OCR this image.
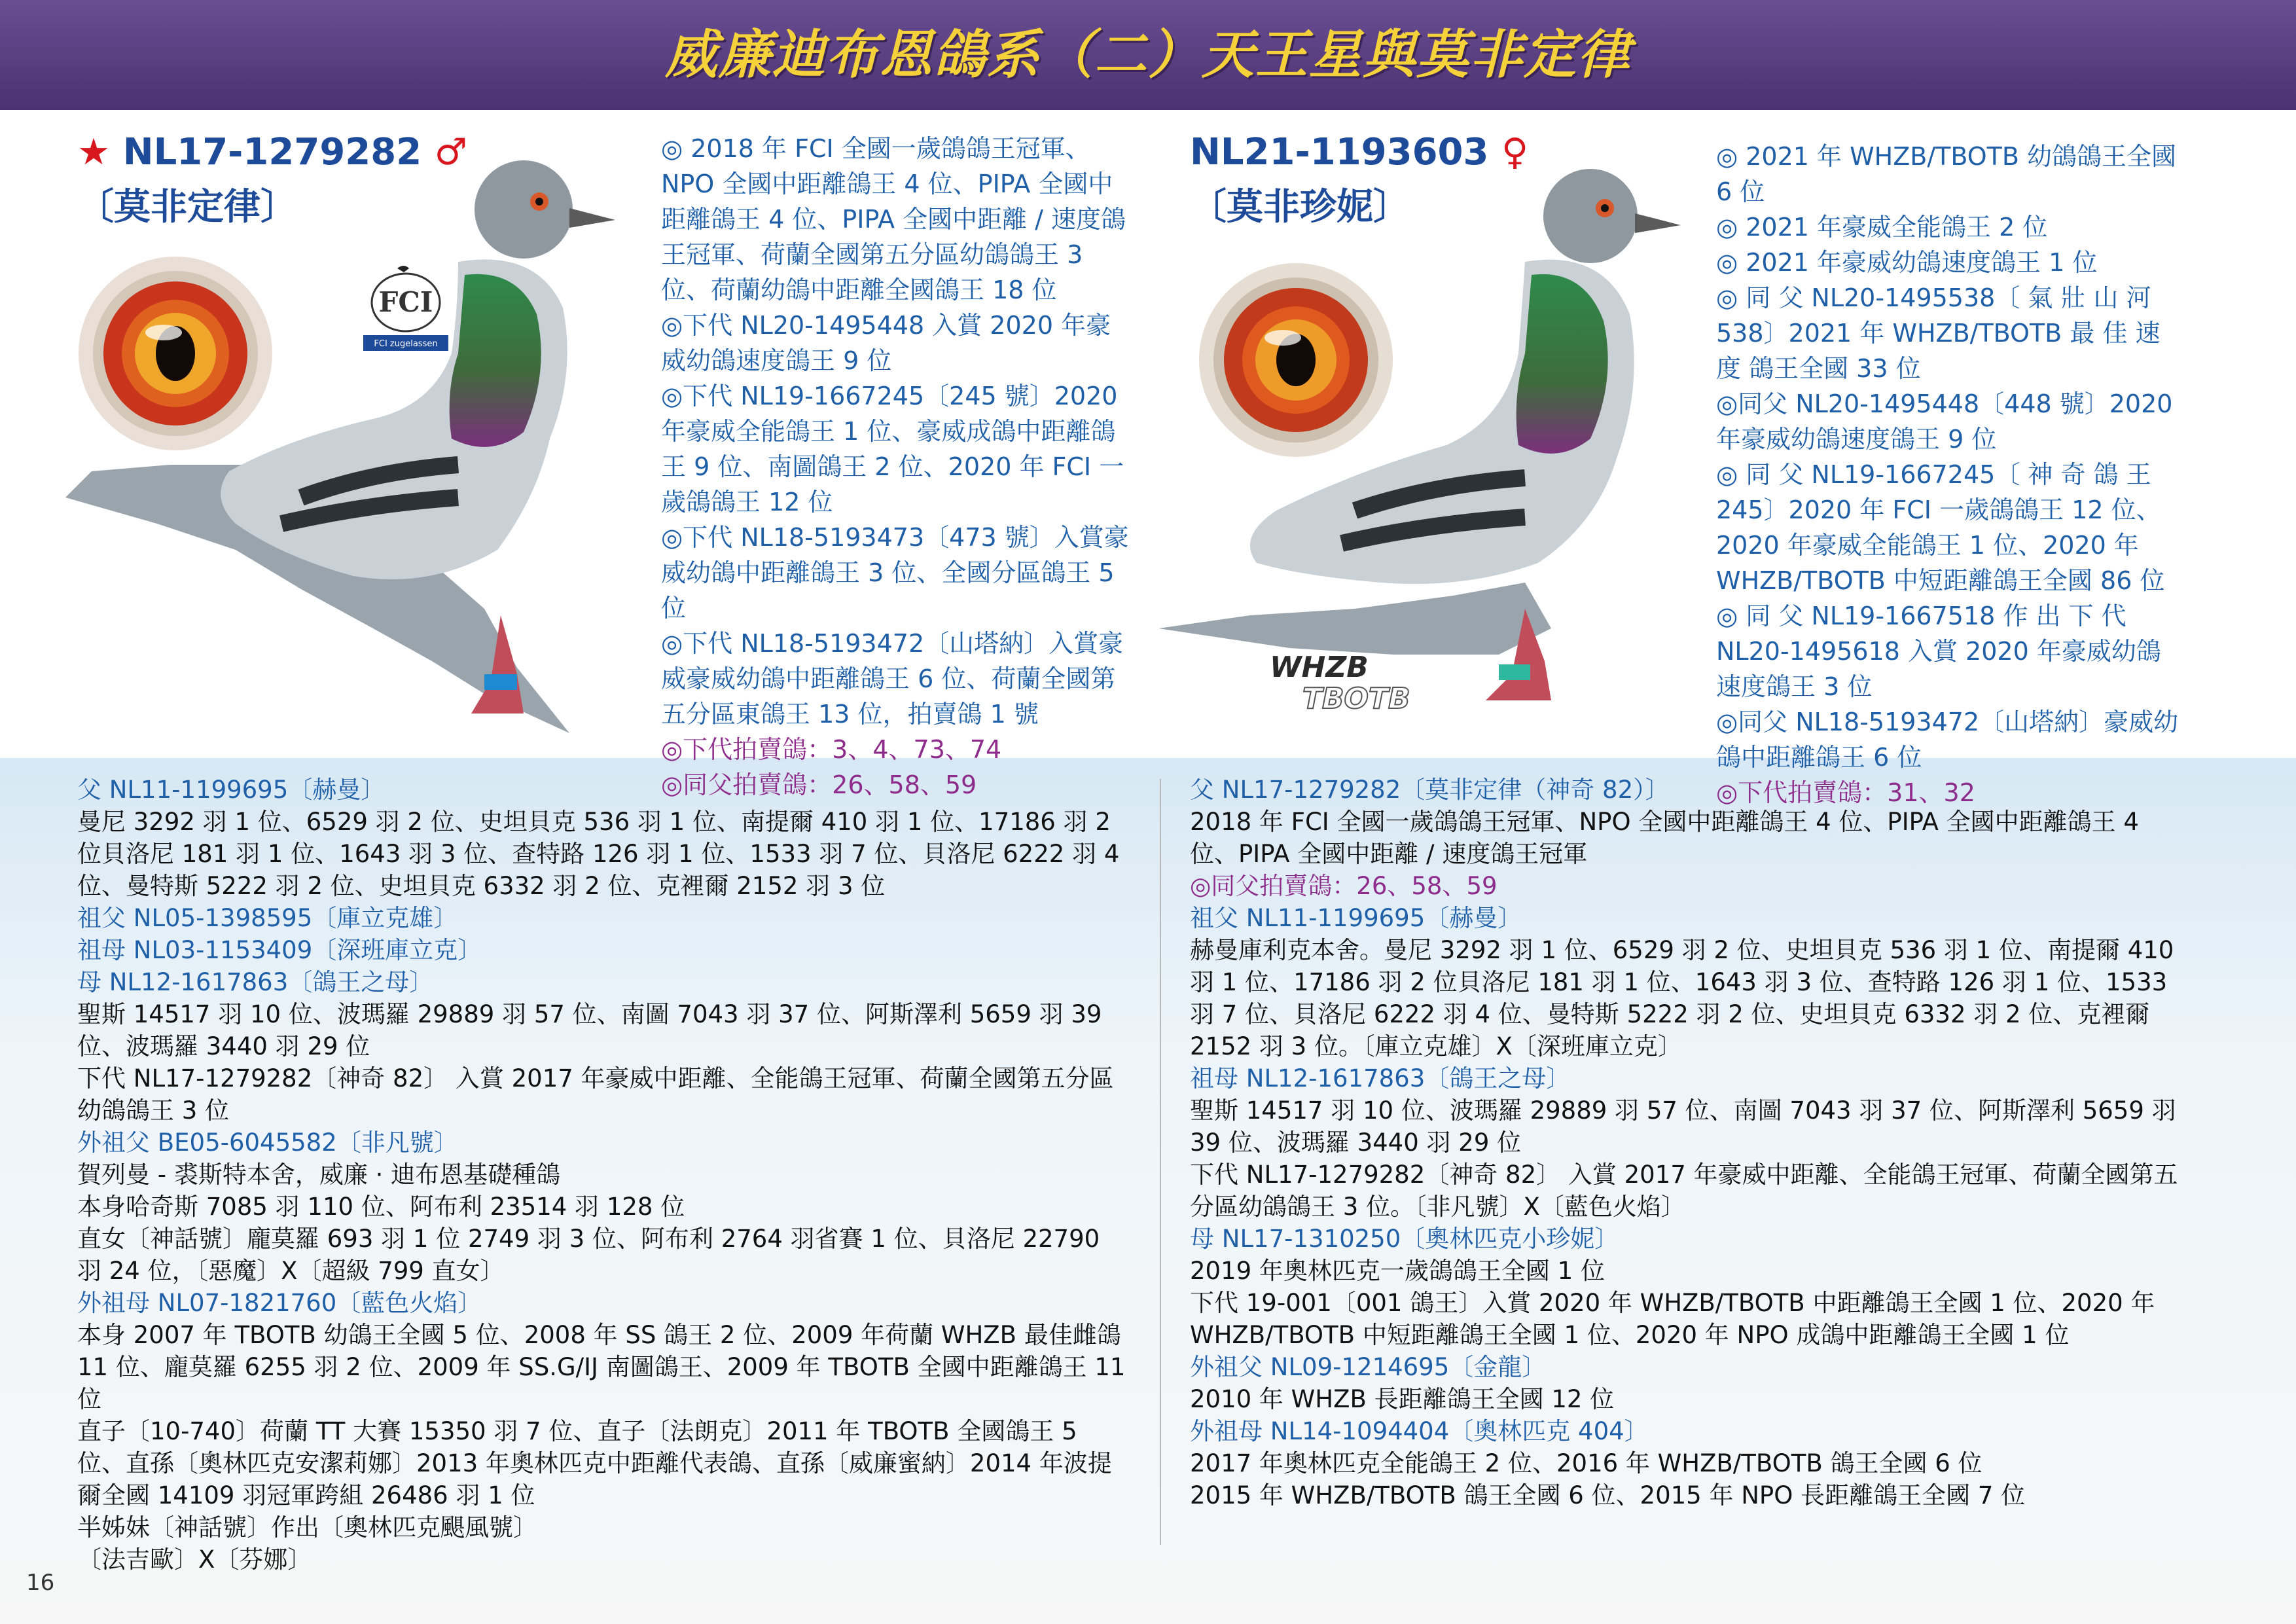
威廉迪布恩鴿系（二）天王星與莫非定律
★ NL17-1279282 ♂
〔莫非定律〕
FCI
FCI zugelassen
◎ 2018 年 FCI 全國一歲鴿鴿王冠軍、NPO 全國中距離鴿王 4 位、PIPA 全國中距離鴿王 4 位、PIPA 全國中距離 / 速度鴿王冠軍、荷蘭全國第五分區幼鴿鴿王 3 位、荷蘭幼鴿中距離全國鴿王 18 位
◎下代 NL20-1495448 入賞 2020 年豪威幼鴿速度鴿王 9 位
◎下代 NL19-1667245〔245 號〕2020 年豪威全能鴿王 1 位、豪威成鴿中距離鴿王 9 位、南圖鴿王 2 位、2020 年 FCI 一歲鴿鴿王 12 位
◎下代 NL18-5193473〔473 號〕入賞豪威幼鴿中距離鴿王 3 位、全國分區鴿王 5 位
◎下代 NL18-5193472〔山塔納〕入賞豪威豪威幼鴿中距離鴿王 6 位、荷蘭全國第五分區東鴿王 13 位，拍賣鴿 1 號
◎下代拍賣鴿：3、4、73、74
◎同父拍賣鴿：26、58、59
NL21-1193603 ♀
〔莫非珍妮〕
WHZB
TBOTB
◎ 2021 年 WHZB/TBOTB 幼鴿鴿王全國 6 位
◎ 2021 年豪威全能鴿王 2 位
◎ 2021 年豪威幼鴿速度鴿王 1 位
◎ 同 父 NL20-1495538〔 氣 壯 山 河 538〕2021 年 WHZB/TBOTB 最 佳 速 度 鴿王全國 33 位
◎同父 NL20-1495448〔448 號〕2020 年豪威幼鴿速度鴿王 9 位
◎ 同 父 NL19-1667245〔 神 奇 鴿 王 245〕2020 年 FCI 一歲鴿鴿王 12 位、2020 年豪威全能鴿王 1 位、2020 年 WHZB/TBOTB 中短距離鴿王全國 86 位
◎ 同 父 NL19-1667518 作 出 下 代 NL20-1495618 入賞 2020 年豪威幼鴿速度鴿王 3 位
◎同父 NL18-5193472〔山塔納〕豪威幼鴿中距離鴿王 6 位
◎下代拍賣鴿：31、32
父 NL11-1199695〔赫曼〕
曼尼 3292 羽 1 位、6529 羽 2 位、史坦貝克 536 羽 1 位、南提爾 410 羽 1 位、17186 羽 2 位貝洛尼 181 羽 1 位、1643 羽 3 位、查特路 126 羽 1 位、1533 羽 7 位、貝洛尼 6222 羽 4 位、曼特斯 5222 羽 2 位、史坦貝克 6332 羽 2 位、克裡爾 2152 羽 3 位
祖父 NL05-1398595〔庫立克雄〕
祖母 NL03-1153409〔深班庫立克〕
母 NL12-1617863〔鴿王之母〕
聖斯 14517 羽 10 位、波瑪羅 29889 羽 57 位、南圖 7043 羽 37 位、阿斯澤利 5659 羽 39 位、波瑪羅 3440 羽 29 位
下代 NL17-1279282〔神奇 82〕 入賞 2017 年豪威中距離、全能鴿王冠軍、荷蘭全國第五分區幼鴿鴿王 3 位
外祖父 BE05-6045582〔非凡號〕
賀列曼 - 裘斯特本舍，威廉 · 迪布恩基礎種鴿
本身哈奇斯 7085 羽 110 位、阿布利 23514 羽 128 位
直女〔神話號〕龐莫羅 693 羽 1 位 2749 羽 3 位、阿布利 2764 羽省賽 1 位、貝洛尼 22790 羽 24 位，〔惡魔〕X〔超級 799 直女〕
外祖母 NL07-1821760〔藍色火焰〕
本身 2007 年 TBOTB 幼鴿王全國 5 位、2008 年 SS 鴿王 2 位、2009 年荷蘭 WHZB 最佳雌鴿 11 位、龐莫羅 6255 羽 2 位、2009 年 SS.G/IJ 南圖鴿王、2009 年 TBOTB 全國中距離鴿王 11 位
直子〔10-740〕荷蘭 TT 大賽 15350 羽 7 位、直子〔法朗克〕2011 年 TBOTB 全國鴿王 5 位、直孫〔奧林匹克安潔莉娜〕2013 年奧林匹克中距離代表鴿、直孫〔威廉蜜納〕2014 年波提爾全國 14109 羽冠軍跨組 26486 羽 1 位
半姊妹〔神話號〕作出〔奧林匹克颶風號〕
〔法吉歐〕X〔芬娜〕
父 NL17-1279282〔莫非定律（神奇 82）〕
2018 年 FCI 全國一歲鴿鴿王冠軍、NPO 全國中距離鴿王 4 位、PIPA 全國中距離鴿王 4 位、PIPA 全國中距離 / 速度鴿王冠軍
◎同父拍賣鴿：26、58、59
祖父 NL11-1199695〔赫曼〕
赫曼庫利克本舍。曼尼 3292 羽 1 位、6529 羽 2 位、史坦貝克 536 羽 1 位、南提爾 410 羽 1 位、17186 羽 2 位貝洛尼 181 羽 1 位、1643 羽 3 位、查特路 126 羽 1 位、1533 羽 7 位、貝洛尼 6222 羽 4 位、曼特斯 5222 羽 2 位、史坦貝克 6332 羽 2 位、克裡爾 2152 羽 3 位。〔庫立克雄〕X〔深班庫立克〕
祖母 NL12-1617863〔鴿王之母〕
聖斯 14517 羽 10 位、波瑪羅 29889 羽 57 位、南圖 7043 羽 37 位、阿斯澤利 5659 羽 39 位、波瑪羅 3440 羽 29 位
下代 NL17-1279282〔神奇 82〕 入賞 2017 年豪威中距離、全能鴿王冠軍、荷蘭全國第五分區幼鴿鴿王 3 位。〔非凡號〕X〔藍色火焰〕
母 NL17-1310250〔奧林匹克小珍妮〕
2019 年奧林匹克一歲鴿鴿王全國 1 位
下代 19-001〔001 鴿王〕入賞 2020 年 WHZB/TBOTB 中距離鴿王全國 1 位、2020 年 WHZB/TBOTB 中短距離鴿王全國 1 位、2020 年 NPO 成鴿中距離鴿王全國 1 位
外祖父 NL09-1214695〔金龍〕
2010 年 WHZB 長距離鴿王全國 12 位
外祖母 NL14-1094404〔奧林匹克 404〕
2017 年奧林匹克全能鴿王 2 位、2016 年 WHZB/TBOTB 鴿王全國 6 位
2015 年 WHZB/TBOTB 鴿王全國 6 位、2015 年 NPO 長距離鴿王全國 7 位
16
